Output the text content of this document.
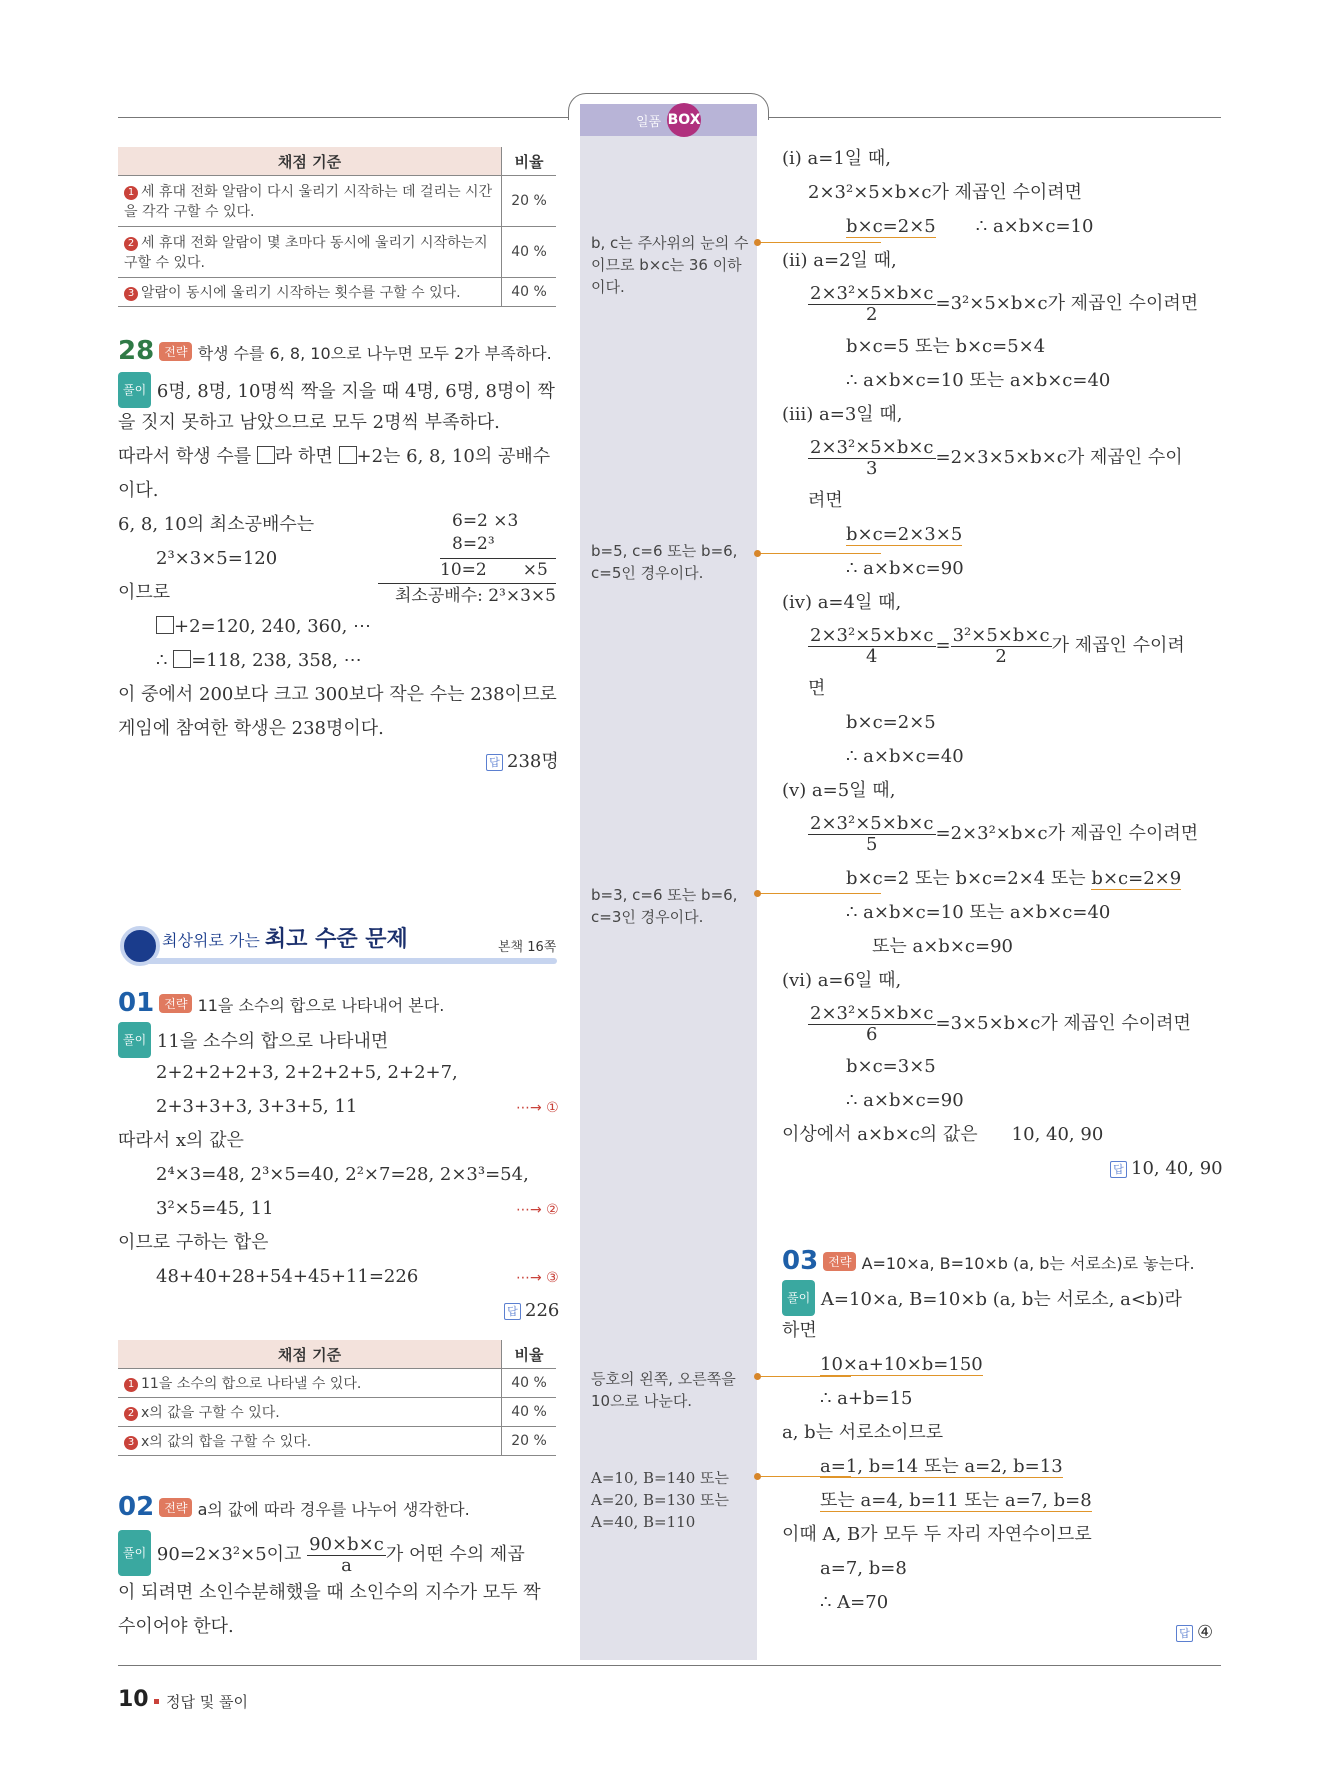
일품 BOX
b, c는 주사위의 눈의 수이므로 b×c는 36 이하이다.
b=5, c=6 또는 b=6, c=5인 경우이다.
b=3, c=6 또는 b=6, c=3인 경우이다.
등호의 왼쪽, 오른쪽을 10으로 나눈다.
A=10, B=140 또는 A=20, B=130 또는 A=40, B=110
채점 기준	비율
1 세 휴대 전화 알람이 다시 울리기 시작하는 데 걸리는 시간을 각각 구할 수 있다.	20 %
2 세 휴대 전화 알람이 몇 초마다 동시에 울리기 시작하는지 구할 수 있다.	40 %
3 알람이 동시에 울리기 시작하는 횟수를 구할 수 있다.	40 %
28 전략 학생 수를 6, 8, 10으로 나누면 모두 2가 부족하다.
풀이 6명, 8명, 10명씩 짝을 지을 때 4명, 6명, 8명이 짝
을 짓지 못하고 남았으므로 모두 2명씩 부족하다.
따라서 학생 수를 라 하면 +2는 6, 8, 10의 공배수
이다.
6, 8, 10의 최소공배수는
2³×3×5=120
이므로
+2=120, 240, 360, ⋯
∴ =118, 238, 358, ⋯
이 중에서 200보다 크고 300보다 작은 수는 238이므로
게임에 참여한 학생은 238명이다.
6=2 ×3
8=2³
10=2 ×5
최소공배수: 2³×3×5
답 238명
최상위로 가는 최고 수준 문제	본책 16쪽
01 전략 11을 소수의 합으로 나타내어 본다.
풀이 11을 소수의 합으로 나타내면
2+2+2+2+3, 2+2+2+5, 2+2+7,
2+3+3+3, 3+3+5, 11	⋯→ ①
따라서 x의 값은
2⁴×3=48, 2³×5=40, 2²×7=28, 2×3³=54,
3²×5=45, 11	⋯→ ②
이므로 구하는 합은
48+40+28+54+45+11=226	⋯→ ③
답 226
채점 기준	비율
1 11을 소수의 합으로 나타낼 수 있다.	40 %
2 x의 값을 구할 수 있다.	40 %
3 x의 값의 합을 구할 수 있다.	20 %
02 전략 a의 값에 따라 경우를 나누어 생각한다.
풀이 90=2×3²×5이고 $\frac{90\times b\times c}{a}$ 가 어떤 수의 제곱
이 되려면 소인수분해했을 때 소인수의 지수가 모두 짝
수이어야 한다.
(ⅰ) a=1일 때,
2×3²×5×b×c가 제곱인 수이려면
b×c=2×5 ∴ a×b×c=10
(ⅱ) a=2일 때,
$\frac{\text{2×3²×5×b×c}}{2} =3^2\times 5\times b\times c$가 제곱인 수이려면
b×c=5 또는 b×c=5×4
∴ a×b×c=10 또는 a×b×c=40
(ⅲ) a=3일 때,
$\frac{\text{2×3²×5×b×c}}{3} =2\times 3\times 5\times b\times c$가 제곱인 수이
려면
b×c=2×3×5
∴ a×b×c=90
(ⅳ) a=4일 때,
$\frac{\text{2×3²×5×b×c}}{4} = \frac{\text{3²×5×b×c}}{2}$ 가 제곱인 수이려
면
b×c=2×5
∴ a×b×c=40
(ⅴ) a=5일 때,
$\frac{\text{2×3²×5×b×c}}{5} =2\times 3^2\times b\times c$가 제곱인 수이려면
b×c=2 또는 b×c=2×4 또는 b×c=2×9
∴ a×b×c=10 또는 a×b×c=40
또는 a×b×c=90
(ⅵ) a=6일 때,
$\frac{\text{2×3²×5×b×c}}{6} =3\times 5\times b\times c$가 제곱인 수이려면
b×c=3×5
∴ a×b×c=90
이상에서 a×b×c의 값은 10, 40, 90
답 10, 40, 90
03 전략 A=10×a, B=10×b (a, b는 서로소)로 놓는다.
풀이 A=10×a, B=10×b (a, b는 서로소, a<b)라
하면
10×a+10×b=150
∴ a+b=15
a, b는 서로소이므로
a=1, b=14 또는 a=2, b=13
또는 a=4, b=11 또는 a=7, b=8
이때 A, B가 모두 두 자리 자연수이므로
a=7, b=8
∴ A=70
답 ④
10 정답 및 풀이
